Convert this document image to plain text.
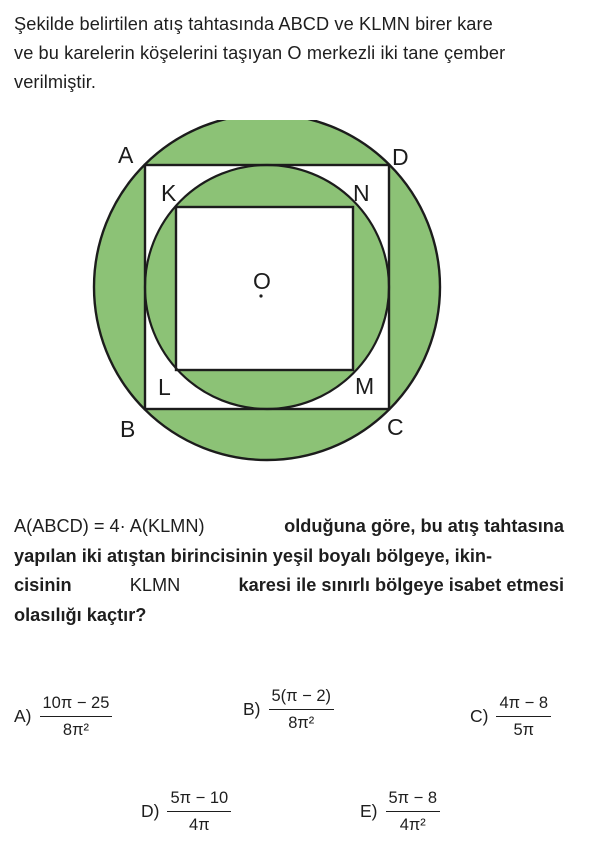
Şekilde belirtilen atış tahtasında ABCD ve KLMN birer kare
ve bu karelerin köşelerini taşıyan O merkezli iki tane çember
verilmiştir.
A	D
B	C
K	N
L	M
O
A(ABCD) = 4· A(KLMN)	olduğuna göre, bu atış tahtasına
yapılan iki atıştan birincisinin yeşil boyalı bölgeye, ikin-
cisinin	KLMN	karesi ile sınırlı bölgeye isabet etmesi
olasılığı kaçtır?
$A) \frac{10\pi - 25}{\text{8π²}}$	$B) \frac{5(\pi - 2)}{\text{8π²}}$	$C) \frac{4\pi - 8}{5\pi}$
$D) \frac{5\pi - 10}{4\pi}$	$E) \frac{5\pi - 8}{\text{4π²}}$
